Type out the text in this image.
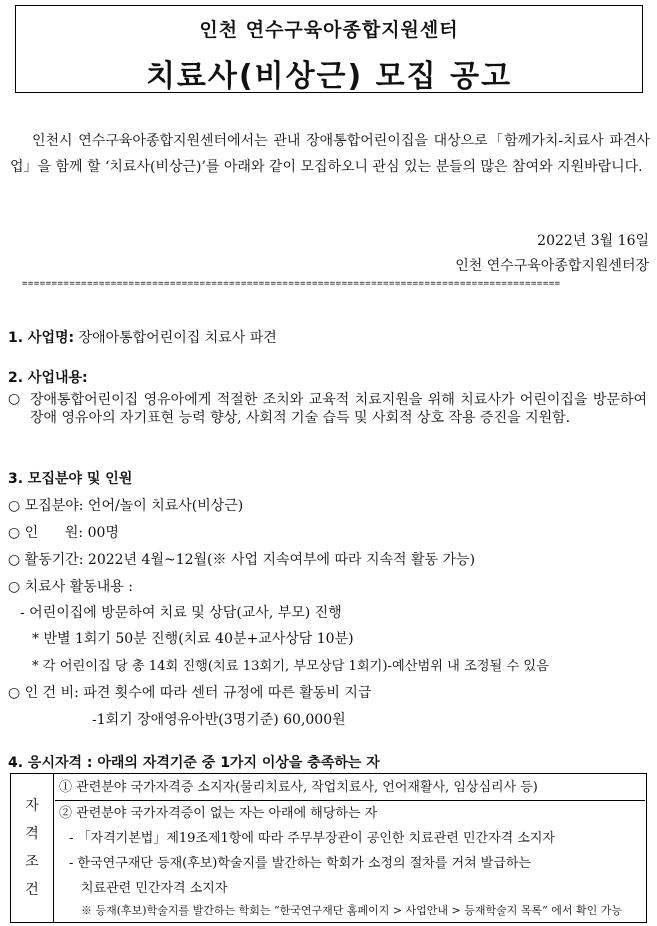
인천 연수구육아종합지원센터
치료사(비상근) 모집 공고
인천시 연수구육아종합지원센터에서는 관내 장애통합어린이집을 대상으로「함께가치-치료사 파견사업」을 함께 할 ‘치료사(비상근)’를 아래와 같이 모집하오니 관심 있는 분들의 많은 참여와 지원바랍니다.
2022년 3월 16일
인천 연수구육아종합지원센터장
===========================================================================================
1. 사업명: 장애아통합어린이집 치료사 파견
2. 사업내용:
○ 장애통합어린이집 영유아에게 적절한 조치와 교육적 치료지원을 위해 치료사가 어린이집을 방문하여 장애 영유아의 자기표현 능력 향상, 사회적 기술 습득 및 사회적 상호 작용 증진을 지원함.
3. 모집분야 및 인원
○ 모집분야: 언어/놀이 치료사(비상근)
○ 인      원: 00명
○ 활동기간: 2022년 4월~12월(※ 사업 지속여부에 따라 지속적 활동 가능)
○ 치료사 활동내용 :
- 어린이집에 방문하여 치료 및 상담(교사, 부모) 진행
* 반별 1회기 50분 진행(치료 40분+교사상담 10분)
* 각 어린이집 당 총 14회 진행(치료 13회기, 부모상담 1회기)-예산범위 내 조정될 수 있음
○ 인 건 비: 파견 횟수에 따라 센터 규정에 따른 활동비 지급
-1회기 장애영유아반(3명기준) 60,000원
4. 응시자격 : 아래의 자격기준 중 1가지 이상을 충족하는 자
자
격
조
건

① 관련분야 국가자격증 소지자(물리치료사, 작업치료사, 언어재활사, 임상심리사 등)
② 관련분야 국가자격증이 없는 자는 아래에 해당하는 자
- 「자격기본법」제19조제1항에 따라 주무부장관이 공인한 치료관련 민간자격 소지자
- 한국연구재단 등재(후보)학술지를 발간하는 학회가 소정의 절차를 거쳐 발급하는
치료관련 민간자격 소지자
※ 등재(후보)학술지를 발간하는 학회는 “한국연구재단 홈페이지 > 사업안내 > 등재학술지 목록” 에서 확인 가능
